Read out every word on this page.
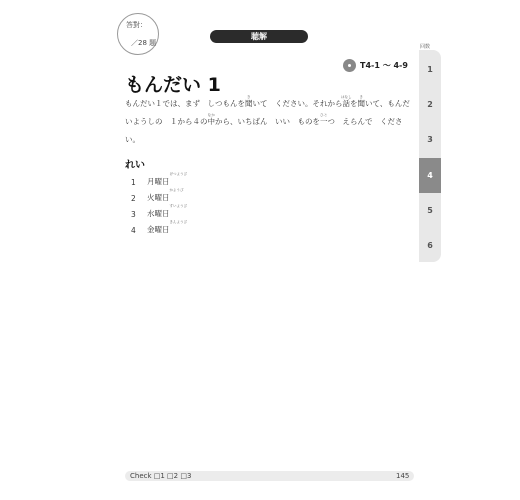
答對：
／28 題
聴解
T4-1 ～ 4-9
もんだい 1

もんだい１では、まず　しつもんを聞きいて　ください。それから話はなしを聞きいて、もんだいようしの　１から４の中なかから、いちばん　いい　ものを一ひとつ　えらんで　ください。

れい
1	月曜日げつようび
2	火曜日かようび
3	水曜日すいようび
4	金曜日きんようび
回数
1
2
3
4
5
6
Check □1 □2 □3	145
